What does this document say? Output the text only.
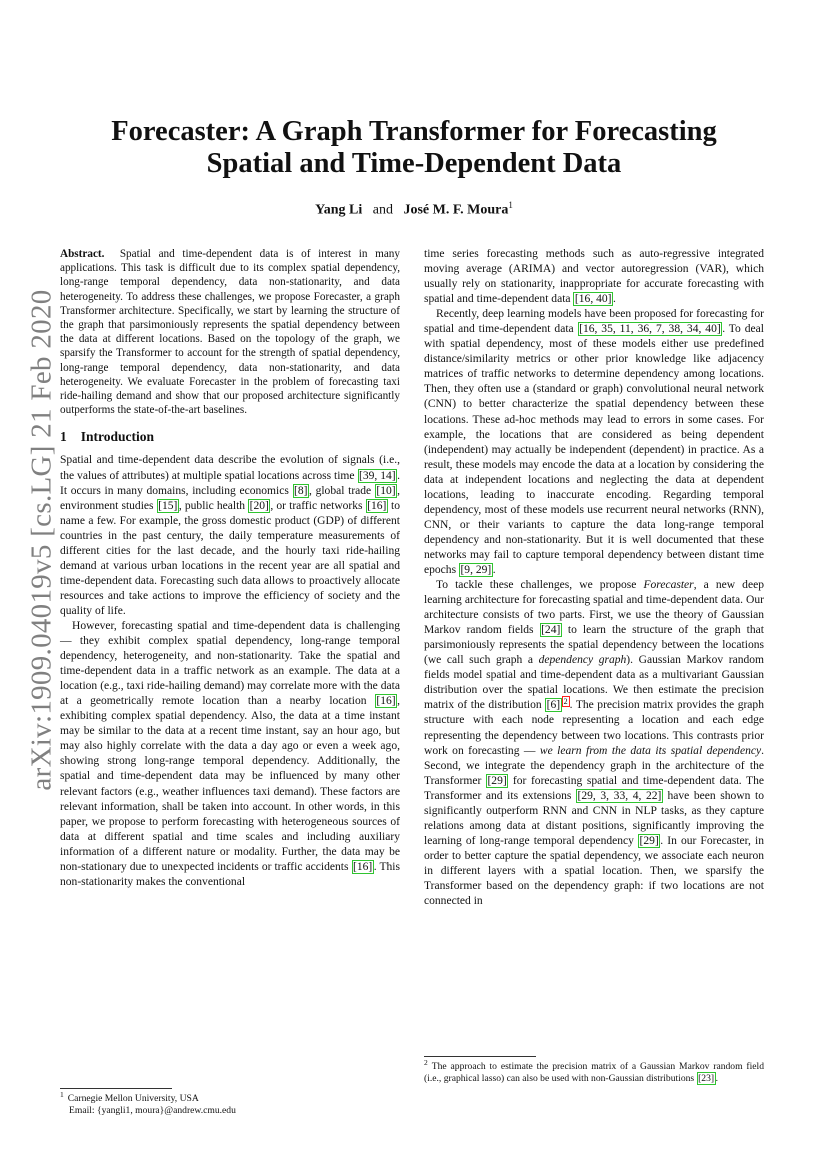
arXiv:1909.04019v5 [cs.LG] 21 Feb 2020
Forecaster: A Graph Transformer for Forecasting
Spatial and Time-Dependent Data
Yang Li and José M. F. Moura$^1$

Abstract. Spatial and time-dependent data is of interest in many applications. This task is difficult due to its complex spatial dependency, long-range temporal dependency, data non-stationarity, and data heterogeneity. To address these challenges, we propose Forecaster, a graph Transformer architecture. Specifically, we start by learning the structure of the graph that parsimoniously represents the spatial dependency between the data at different locations. Based on the topology of the graph, we sparsify the Transformer to account for the strength of spatial dependency, long-range temporal dependency, data non-stationarity, and data heterogeneity. We evaluate Forecaster in the problem of forecasting taxi ride-hailing demand and show that our proposed architecture significantly outperforms the state-of-the-art baselines.

1 Introduction

Spatial and time-dependent data describe the evolution of signals (i.e., the values of attributes) at multiple spatial locations across time [39, 14] . It occurs in many domains, including economics [8] , global trade [10] , environment studies [15] , public health [20] , or traffic networks [16] to name a few. For example, the gross domestic product (GDP) of different countries in the past century, the daily temperature measurements of different cities for the last decade, and the hourly taxi ride-hailing demand at various urban locations in the recent year are all spatial and time-dependent data. Forecasting such data allows to proactively allocate resources and take actions to improve the efficiency of society and the quality of life.

However, forecasting spatial and time-dependent data is challenging — they exhibit complex spatial dependency, long-range temporal dependency, heterogeneity, and non-stationarity. Take the spatial and time-dependent data in a traffic network as an example. The data at a location (e.g., taxi ride-hailing demand) may correlate more with the data at a geometrically remote location than a nearby location [16] , exhibiting complex spatial dependency. Also, the data at a time instant may be similar to the data at a recent time instant, say an hour ago, but may also highly correlate with the data a day ago or even a week ago, showing strong long-range temporal dependency. Additionally, the spatial and time-dependent data may be influenced by many other relevant factors (e.g., weather influences taxi demand). These factors are relevant information, shall be taken into account. In other words, in this paper, we propose to perform forecasting with heterogeneous sources of data at different spatial and time scales and including auxiliary information of a different nature or modality. Further, the data may be non-stationary due to unexpected incidents or traffic accidents [16] . This non-stationarity makes the conventional

time series forecasting methods such as auto-regressive integrated moving average (ARIMA) and vector autoregression (VAR), which usually rely on stationarity, inappropriate for accurate forecasting with spatial and time-dependent data [16, 40] .

Recently, deep learning models have been proposed for forecasting for spatial and time-dependent data [16, 35, 11, 36, 7, 38, 34, 40] . To deal with spatial dependency, most of these models either use predefined distance/similarity metrics or other prior knowledge like adjacency matrices of traffic networks to determine dependency among locations. Then, they often use a (standard or graph) convolutional neural network (CNN) to better characterize the spatial dependency between these locations. These ad-hoc methods may lead to errors in some cases. For example, the locations that are considered as being dependent (independent) may actually be independent (dependent) in practice. As a result, these models may encode the data at a location by considering the data at independent locations and neglecting the data at dependent locations, leading to inaccurate encoding. Regarding temporal dependency, most of these models use recurrent neural networks (RNN), CNN, or their variants to capture the data long-range temporal dependency and non-stationarity. But it is well documented that these networks may fail to capture temporal dependency between distant time epochs [9, 29] .

To tackle these challenges, we propose Forecaster, a new deep learning architecture for forecasting spatial and time-dependent data. Our architecture consists of two parts. First, we use the theory of Gaussian Markov random fields [24] to learn the structure of the graph that parsimoniously represents the spatial dependency between the locations (we call such graph a dependency graph). Gaussian Markov random fields model spatial and time-dependent data as a multivariant Gaussian distribution over the spatial locations. We then estimate the precision matrix of the distribution [6] $^2$ . The precision matrix provides the graph structure with each node representing a location and each edge representing the dependency between two locations. This contrasts prior work on forecasting — we learn from the data its spatial dependency. Second, we integrate the dependency graph in the architecture of the Transformer [29] for forecasting spatial and time-dependent data. The Transformer and its extensions [29, 3, 33, 4, 22] have been shown to significantly outperform RNN and CNN in NLP tasks, as they capture relations among data at distant positions, significantly improving the learning of long-range temporal dependency [29] . In our Forecaster, in order to better capture the spatial dependency, we associate each neuron in different layers with a spatial location. Then, we sparsify the Transformer based on the dependency graph: if two locations are not connected in

$^1$ Carnegie Mellon University, USA
Email: {yangli1, moura}@andrew.cmu.edu
$^2$ The approach to estimate the precision matrix of a Gaussian Markov random field (i.e., graphical lasso) can also be used with non-Gaussian distributions [23] .
